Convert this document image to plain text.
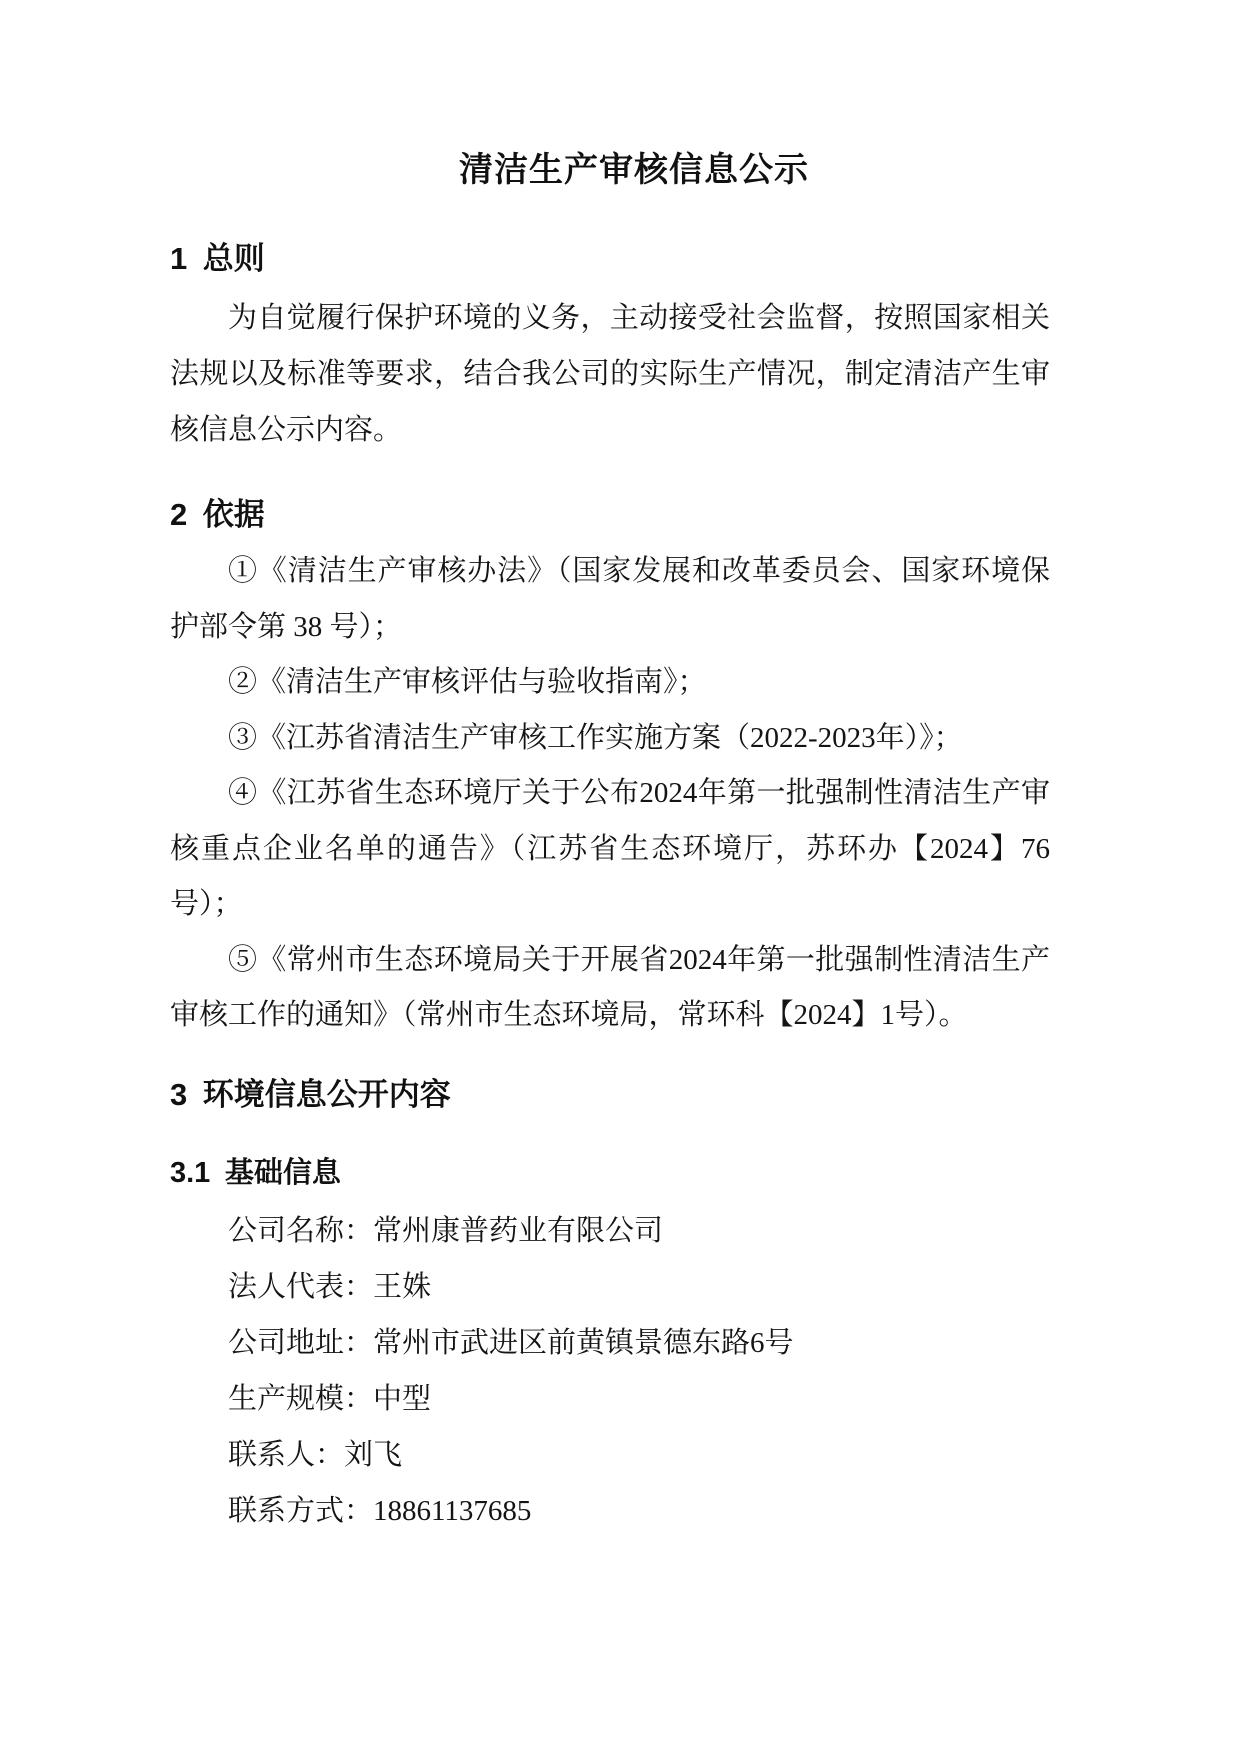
清洁生产审核信息公示
1 总则
为自觉履行保护环境的义务，主动接受社会监督，按照国家相关
法规以及标准等要求，结合我公司的实际生产情况，制定清洁产生审
核信息公示内容。
2 依据
①《清洁生产审核办法》（国家发展和改革委员会、国家环境保
护部令第 38 号）；
②《清洁生产审核评估与验收指南》；
③《江苏省清洁生产审核工作实施方案（2022-2023年）》；
④《江苏省生态环境厅关于公布2024年第一批强制性清洁生产审
核重点企业名单的通告》（江苏省生态环境厅，苏环办【2024】76
号）；
⑤《常州市生态环境局关于开展省2024年第一批强制性清洁生产
审核工作的通知》（常州市生态环境局，常环科【2024】1号）。
3 环境信息公开内容
3.1 基础信息
公司名称：常州康普药业有限公司
法人代表：王姝
公司地址：常州市武进区前黄镇景德东路6号
生产规模：中型
联系人：刘飞
联系方式：18861137685
